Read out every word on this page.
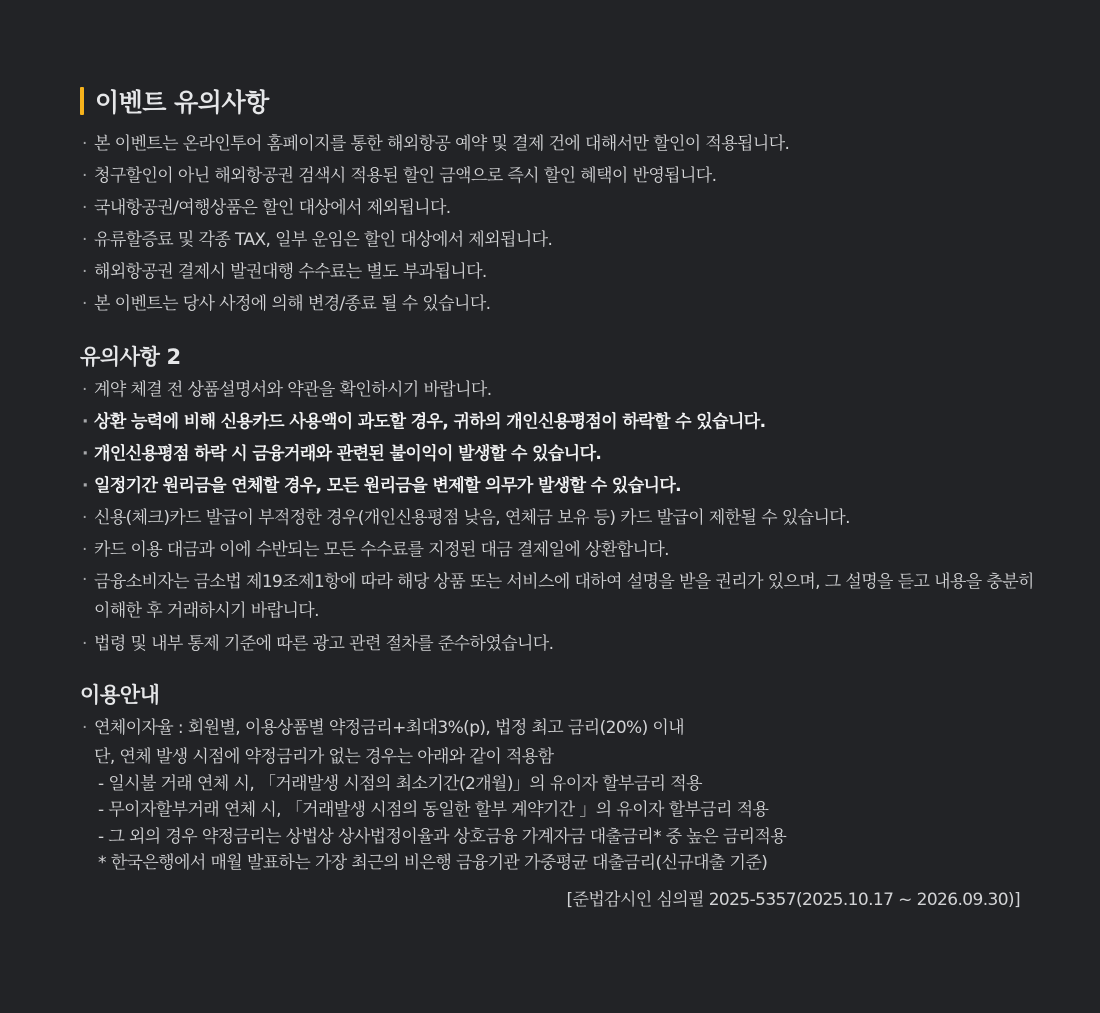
이벤트 유의사항
· 본 이벤트는 온라인투어 홈페이지를 통한 해외항공 예약 및 결제 건에 대해서만 할인이 적용됩니다.
· 청구할인이 아닌 해외항공권 검색시 적용된 할인 금액으로 즉시 할인 혜택이 반영됩니다.
· 국내항공권/여행상품은 할인 대상에서 제외됩니다.
· 유류할증료 및 각종 TAX, 일부 운임은 할인 대상에서 제외됩니다.
· 해외항공권 결제시 발권대행 수수료는 별도 부과됩니다.
· 본 이벤트는 당사 사정에 의해 변경/종료 될 수 있습니다.
유의사항 2
· 계약 체결 전 상품설명서와 약관을 확인하시기 바랍니다.
· 상환 능력에 비해 신용카드 사용액이 과도할 경우, 귀하의 개인신용평점이 하락할 수 있습니다.
· 개인신용평점 하락 시 금융거래와 관련된 불이익이 발생할 수 있습니다.
· 일정기간 원리금을 연체할 경우, 모든 원리금을 변제할 의무가 발생할 수 있습니다.
· 신용(체크)카드 발급이 부적정한 경우(개인신용평점 낮음, 연체금 보유 등) 카드 발급이 제한될 수 있습니다.
· 카드 이용 대금과 이에 수반되는 모든 수수료를 지정된 대금 결제일에 상환합니다.
· 금융소비자는 금소법 제19조제1항에 따라 해당 상품 또는 서비스에 대하여 설명을 받을 권리가 있으며, 그 설명을 듣고 내용을 충분히 이해한 후 거래하시기 바랍니다.
· 법령 및 내부 통제 기준에 따른 광고 관련 절차를 준수하였습니다.
이용안내
· 연체이자율 : 회원별, 이용상품별 약정금리+최대3%(p), 법정 최고 금리(20%) 이내
단, 연체 발생 시점에 약정금리가 없는 경우는 아래와 같이 적용함
- 일시불 거래 연체 시, 「거래발생 시점의 최소기간(2개월)」의 유이자 할부금리 적용
- 무이자할부거래 연체 시, 「거래발생 시점의 동일한 할부 계약기간 」의 유이자 할부금리 적용
- 그 외의 경우 약정금리는 상법상 상사법정이율과 상호금융 가계자금 대출금리* 중 높은 금리적용
* 한국은행에서 매월 발표하는 가장 최근의 비은행 금융기관 가중평균 대출금리(신규대출 기준)
[준법감시인 심의필 2025-5357(2025.10.17 ~ 2026.09.30)]
